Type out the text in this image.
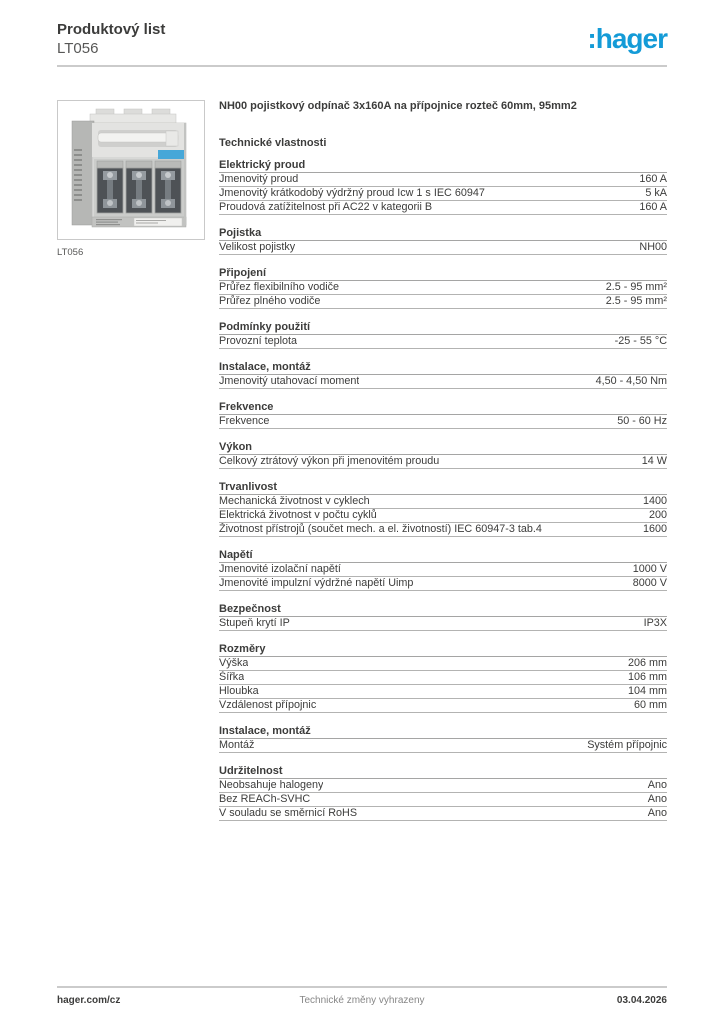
Produktový list
LT056	:hager
LT056
NH00 pojistkový odpínač 3x160A na přípojnice rozteč 60mm, 95mm2
Technické vlastnosti
Elektrický proud
Jmenovitý proud	160 A
Jmenovitý krátkodobý výdržný proud Icw 1 s IEC 60947	5 kA
Proudová zatížitelnost při AC22 v kategorii B	160 A
Pojistka
Velikost pojistky	NH00
Připojení
Průřez flexibilního vodiče	2.5 - 95 mm²
Průřez plného vodiče	2.5 - 95 mm²
Podmínky použití
Provozní teplota	-25 - 55 °C
Instalace, montáž
Jmenovitý utahovací moment	4,50 - 4,50 Nm
Frekvence
Frekvence	50 - 60 Hz
Výkon
Celkový ztrátový výkon při jmenovitém proudu	14 W
Trvanlivost
Mechanická životnost v cyklech	1400
Elektrická životnost v počtu cyklů	200
Životnost přístrojů (součet mech. a el. životností) IEC 60947-3 tab.4	1600
Napětí
Jmenovité izolační napětí	1000 V
Jmenovité impulzní výdržné napětí Uimp	8000 V
Bezpečnost
Stupeň krytí IP	IP3X
Rozměry
Výška	206 mm
Šířka	106 mm
Hloubka	104 mm
Vzdálenost přípojnic	60 mm
Instalace, montáž
Montáž	Systém přípojnic
Udržitelnost
Neobsahuje halogeny	Ano
Bez REACh-SVHC	Ano
V souladu se směrnicí RoHS	Ano
hager.com/cz	Technické změny vyhrazeny	03.04.2026
